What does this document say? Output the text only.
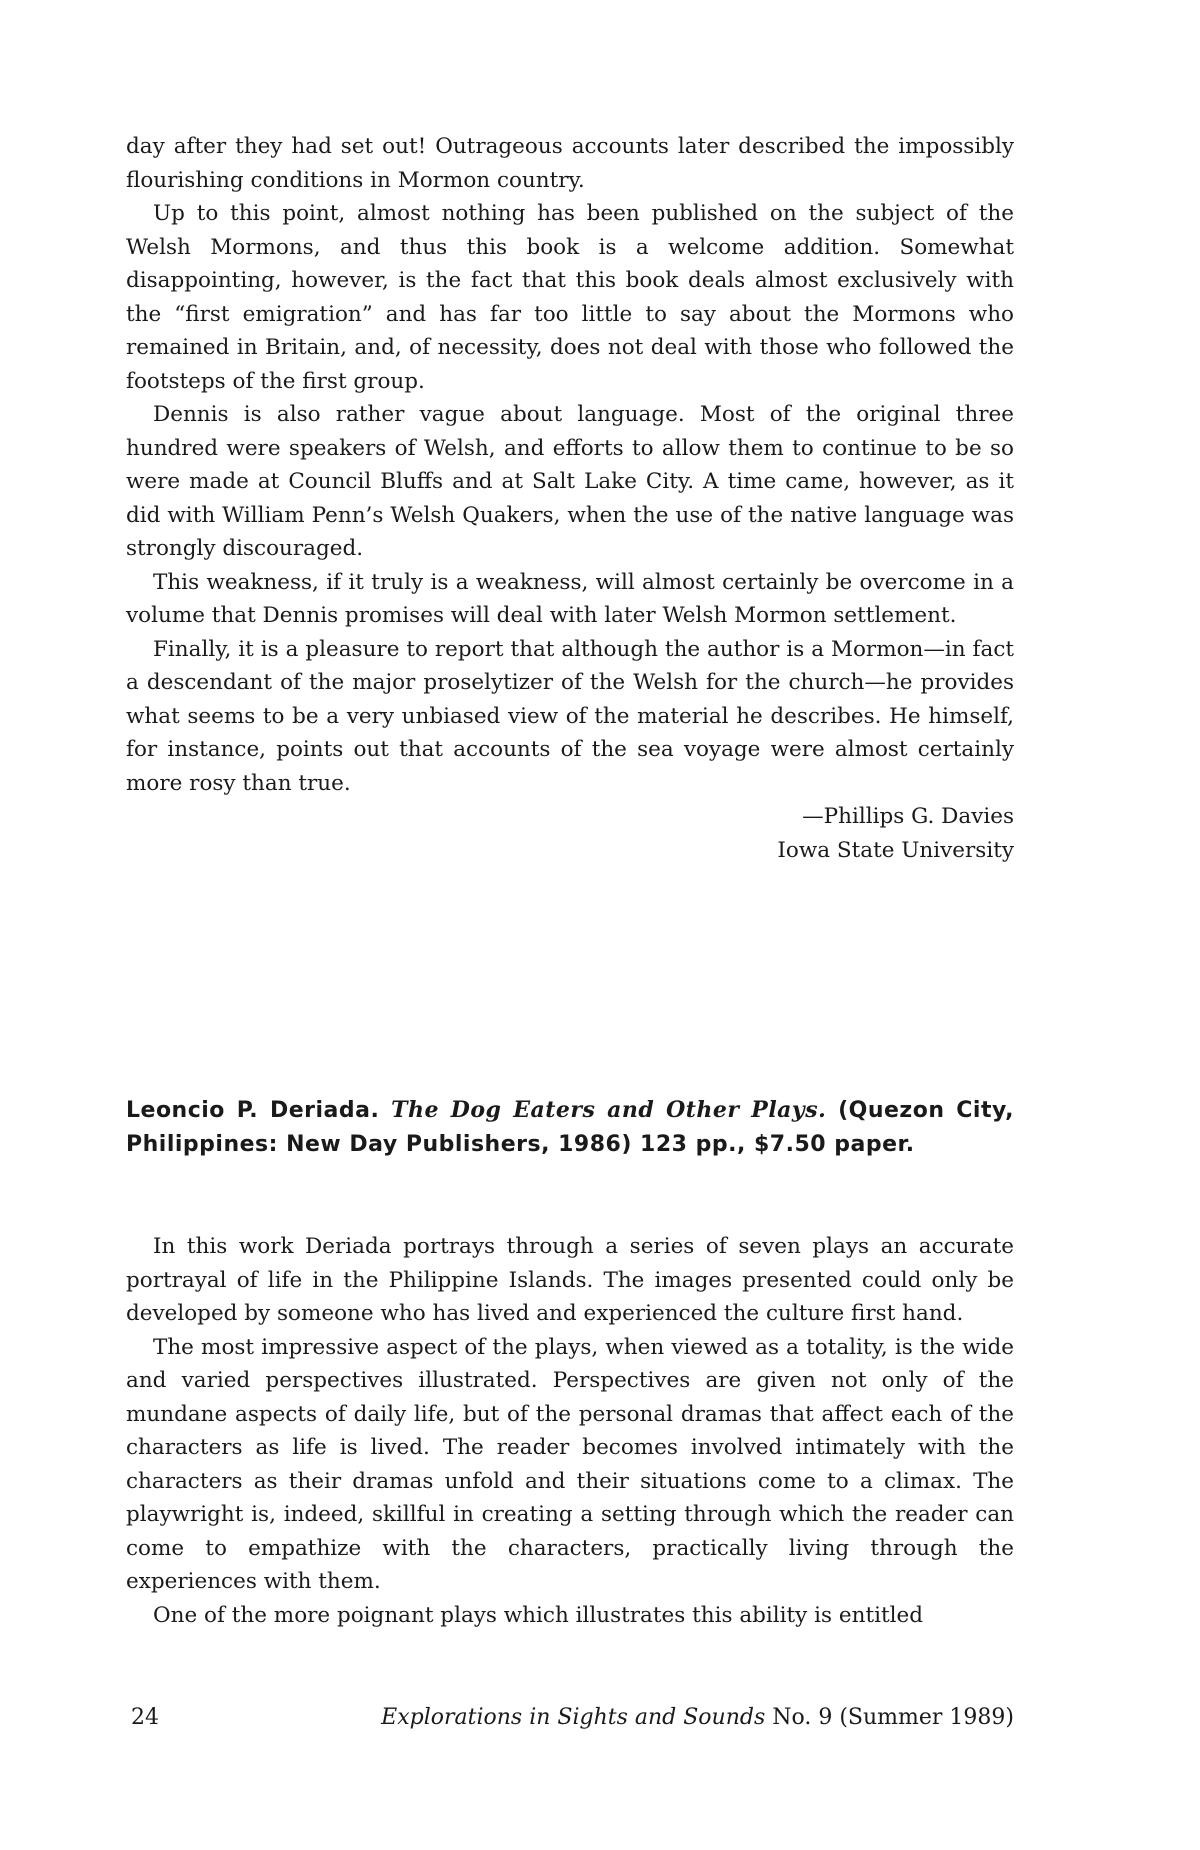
day after they had set out! Outrageous accounts later described the impossibly flourishing conditions in Mormon country.

Up to this point, almost nothing has been published on the subject of the Welsh Mormons, and thus this book is a welcome addition. Somewhat disappointing, however, is the fact that this book deals almost exclusively with the “first emigration” and has far too little to say about the Mormons who remained in Britain, and, of necessity, does not deal with those who followed the footsteps of the first group.

Dennis is also rather vague about language. Most of the original three hundred were speakers of Welsh, and efforts to allow them to continue to be so were made at Council Bluffs and at Salt Lake City. A time came, however, as it did with William Penn’s Welsh Quakers, when the use of the native language was strongly discouraged.

This weakness, if it truly is a weakness, will almost certainly be overcome in a volume that Dennis promises will deal with later Welsh Mormon settlement.

Finally, it is a pleasure to report that although the author is a Mormon—in fact a descendant of the major proselytizer of the Welsh for the church—he provides what seems to be a very unbiased view of the material he describes. He himself, for instance, points out that accounts of the sea voyage were almost certainly more rosy than true.

—Phillips G. Davies

Iowa State University

Leoncio P. Deriada. The Dog Eaters and Other Plays. (Quezon City, Philippines: New Day Publishers, 1986) 123 pp., $7.50 paper.

In this work Deriada portrays through a series of seven plays an accurate portrayal of life in the Philippine Islands. The images presented could only be developed by someone who has lived and experienced the culture first hand.

The most impressive aspect of the plays, when viewed as a totality, is the wide and varied perspectives illustrated. Perspectives are given not only of the mundane aspects of daily life, but of the personal dramas that affect each of the characters as life is lived. The reader becomes involved intimately with the characters as their dramas unfold and their situations come to a climax. The playwright is, indeed, skillful in creating a setting through which the reader can come to empathize with the characters, practically living through the experiences with them.

One of the more poignant plays which illustrates this ability is entitled

24	Explorations in Sights and Sounds No. 9 (Summer 1989)
